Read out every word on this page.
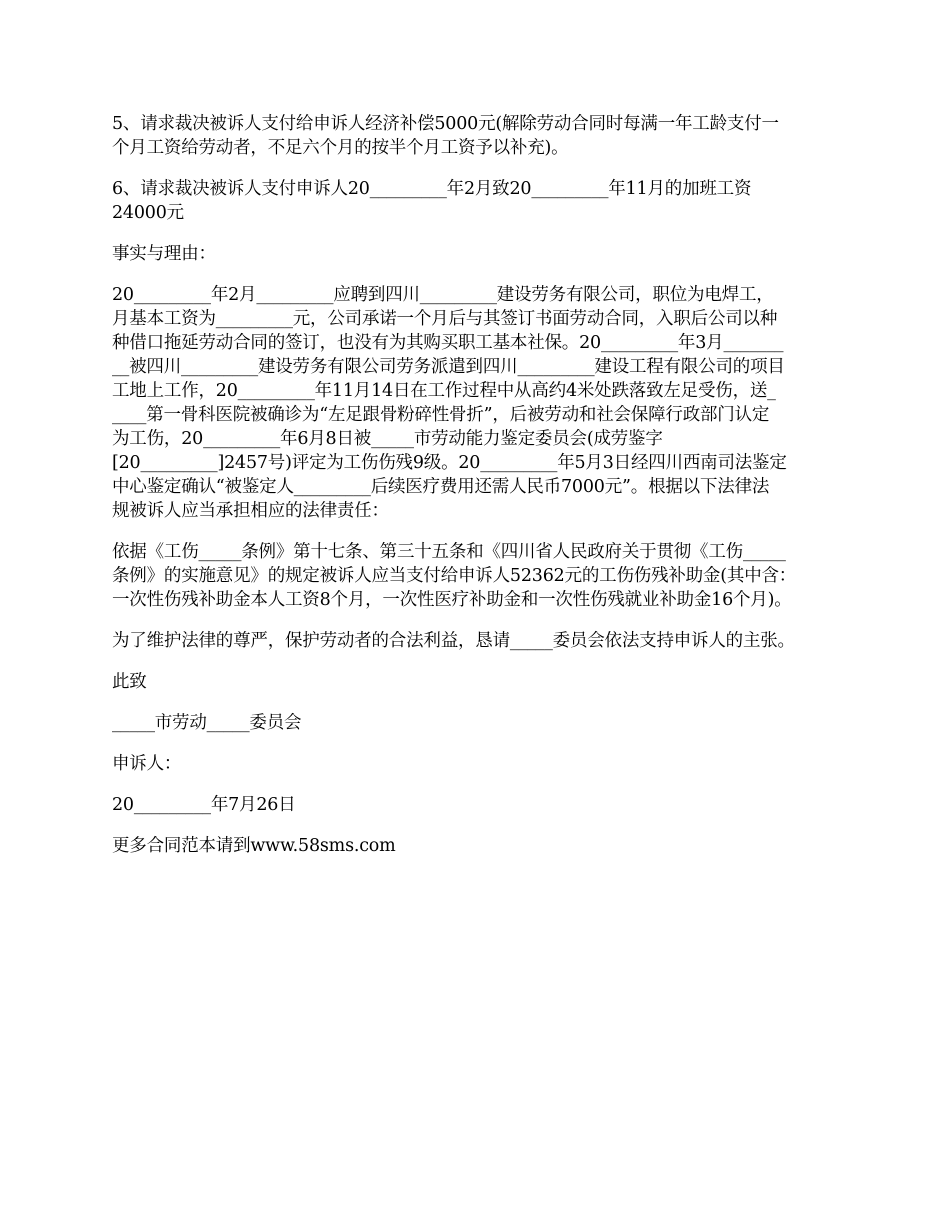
5、请求裁决被诉人支付给申诉人经济补偿5000元(解除劳动合同时每满一年工龄支付一
个月工资给劳动者，不足六个月的按半个月工资予以补充)。

6、请求裁决被诉人支付申诉人20_________年2月致20_________年11月的加班工资
24000元

事实与理由：

20_________年2月_________应聘到四川_________建设劳务有限公司，职位为电焊工，
月基本工资为_________元，公司承诺一个月后与其签订书面劳动合同，入职后公司以种
种借口拖延劳动合同的签订，也没有为其购买职工基本社保。20_________年3月_______
__被四川_________建设劳务有限公司劳务派遣到四川_________建设工程有限公司的项目
工地上工作，20_________年11月14日在工作过程中从高约4米处跌落致左足受伤，送_
____第一骨科医院被确诊为“左足跟骨粉碎性骨折”，后被劳动和社会保障行政部门认定
为工伤，20_________年6月8日被_____市劳动能力鉴定委员会(成劳鉴字
[20_________]2457号)评定为工伤伤残9级。20_________年5月3日经四川西南司法鉴定
中心鉴定确认“被鉴定人_________后续医疗费用还需人民币7000元”。根据以下法律法
规被诉人应当承担相应的法律责任：

依据《工伤_____条例》第十七条、第三十五条和《四川省人民政府关于贯彻《工伤_____
条例》的实施意见》的规定被诉人应当支付给申诉人52362元的工伤伤残补助金(其中含：
一次性伤残补助金本人工资8个月，一次性医疗补助金和一次性伤残就业补助金16个月)。

为了维护法律的尊严，保护劳动者的合法利益，恳请_____委员会依法支持申诉人的主张。

此致

_____市劳动_____委员会

申诉人：

20_________年7月26日

更多合同范本请到www.58sms.com
